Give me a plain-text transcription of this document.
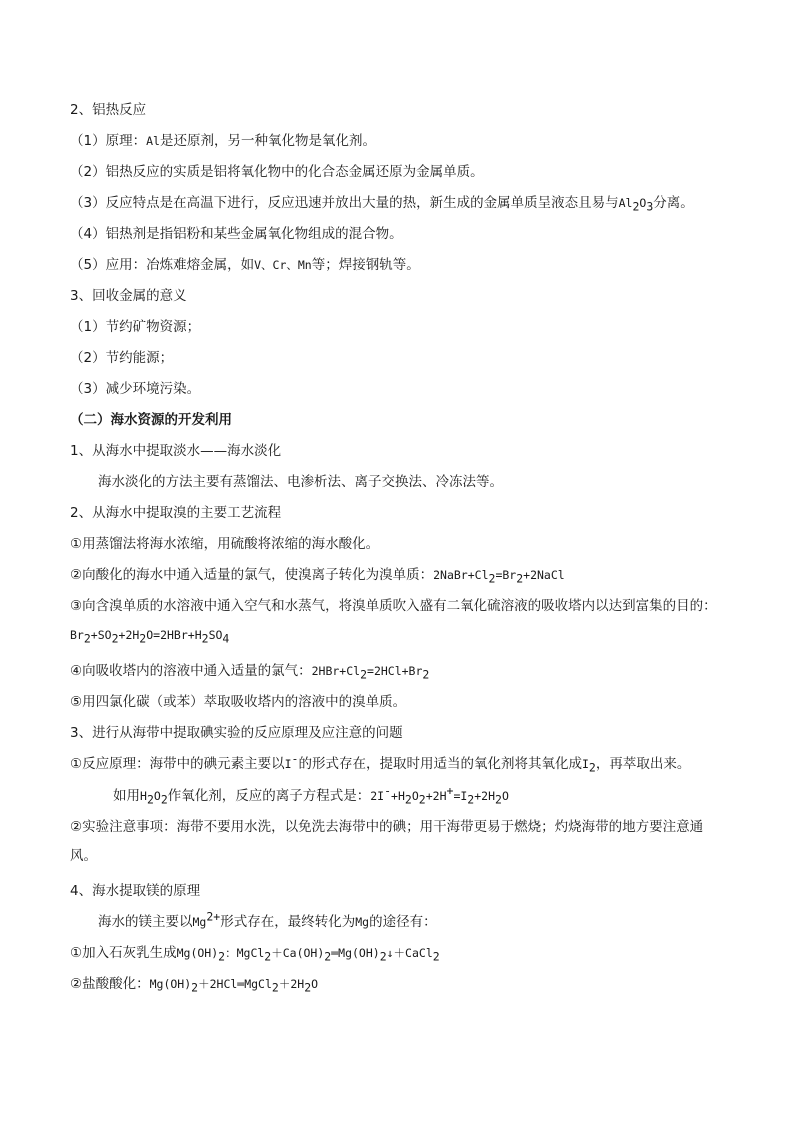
2、铝热反应
（1）原理：Al是还原剂，另一种氧化物是氧化剂。
（2）铝热反应的实质是铝将氧化物中的化合态金属还原为金属单质。
（3）反应特点是在高温下进行，反应迅速并放出大量的热，新生成的金属单质呈液态且易与$Al_2O_3$分离。
（4）铝热剂是指铝粉和某些金属氧化物组成的混合物。
（5）应用：冶炼难熔金属，如V、Cr、Mn等；焊接钢轨等。
3、回收金属的意义
（1）节约矿物资源；
（2）节约能源；
（3）减少环境污染。
（二）海水资源的开发利用
1、从海水中提取淡水——海水淡化
海水淡化的方法主要有蒸馏法、电渗析法、离子交换法、冷冻法等。
2、从海水中提取溴的主要工艺流程
①用蒸馏法将海水浓缩，用硫酸将浓缩的海水酸化。
②向酸化的海水中通入适量的氯气，使溴离子转化为溴单质：$2NaBr+Cl_2=Br_2+2NaCl$
③向含溴单质的水溶液中通入空气和水蒸气，将溴单质吹入盛有二氧化硫溶液的吸收塔内以达到富集的目的：$Br_2+SO_2+2H_2O=2HBr+H_2SO_4$
④向吸收塔内的溶液中通入适量的氯气：$2HBr+Cl_2=2HCl+Br_2$
⑤用四氯化碳（或苯）萃取吸收塔内的溶液中的溴单质。
3、进行从海带中提取碘实验的反应原理及应注意的问题
①反应原理：海带中的碘元素主要以I-的形式存在，提取时用适当的氧化剂将其氧化成$I_2$，再萃取出来。
如用$H_2O_2$作氧化剂，反应的离子方程式是：$2I^-+H_2O_2+2H^+=I_2+2H_2O$
②实验注意事项：海带不要用水洗，以免洗去海带中的碘；用干海带更易于燃烧；灼烧海带的地方要注意通风。
4、海水提取镁的原理
海水的镁主要以$Mg^{2+}$形式存在，最终转化为Mg的途径有：
①加入石灰乳生成$Mg(OH)_2$：$MgCl_2+Ca(OH)_2═Mg(OH)_2↓+CaCl_2$
②盐酸酸化：$Mg(OH)_2+2HCl═MgCl_2+2H_2O$
